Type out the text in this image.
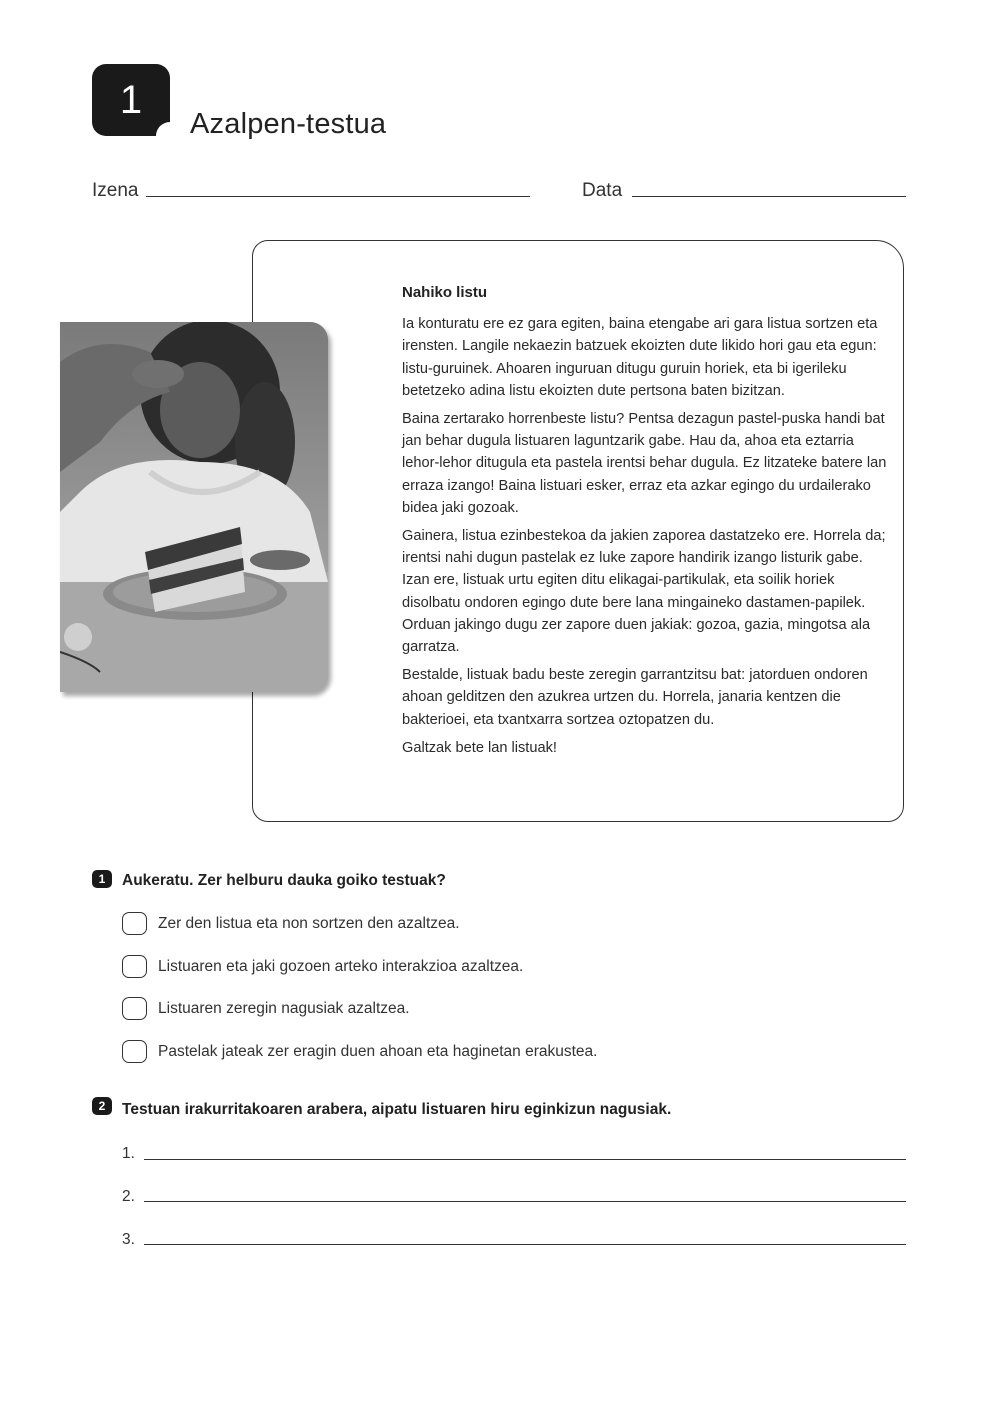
1
Azalpen-testua
Izena	Data
Nahiko listu

Ia konturatu ere ez gara egiten, baina etengabe ari gara listua sortzen eta irensten. Langile nekaezin batzuek ekoizten dute likido hori gau eta egun: listu-guruinek. Ahoaren inguruan ditugu guruin horiek, eta bi igerileku betetzeko adina listu ekoizten dute pertsona baten bizitzan.

Baina zertarako horrenbeste listu? Pentsa dezagun pastel-puska handi bat jan behar dugula listuaren laguntzarik gabe. Hau da, ahoa eta eztarria lehor-lehor ditugula eta pastela irentsi behar dugula. Ez litzateke batere lan erraza izango! Baina listuari esker, erraz eta azkar egingo du urdailerako bidea jaki gozoak.

Gainera, listua ezinbestekoa da jakien zaporea dastatzeko ere. Horrela da; irentsi nahi dugun pastelak ez luke zapore handirik izango listurik gabe. Izan ere, listuak urtu egiten ditu elikagai-partikulak, eta soilik horiek disolbatu ondoren egingo dute bere lana mingaineko dastamen-papilek. Orduan jakingo dugu zer zapore duen jakiak: gozoa, gazia, mingotsa ala garratza.

Bestalde, listuak badu beste zeregin garrantzitsu bat: jatorduen ondoren ahoan gelditzen den azukrea urtzen du. Horrela, janaria kentzen die bakterioei, eta txantxarra sortzea oztopatzen du.

Galtzak bete lan listuak!

1	Aukeratu. Zer helburu dauka goiko testuak?
Zer den listua eta non sortzen den azaltzea.
Listuaren eta jaki gozoen arteko interakzioa azaltzea.
Listuaren zeregin nagusiak azaltzea.
Pastelak jateak zer eragin duen ahoan eta haginetan erakustea.
2	Testuan irakurritakoaren arabera, aipatu listuaren hiru eginkizun nagusiak.
1.
2.
3.
